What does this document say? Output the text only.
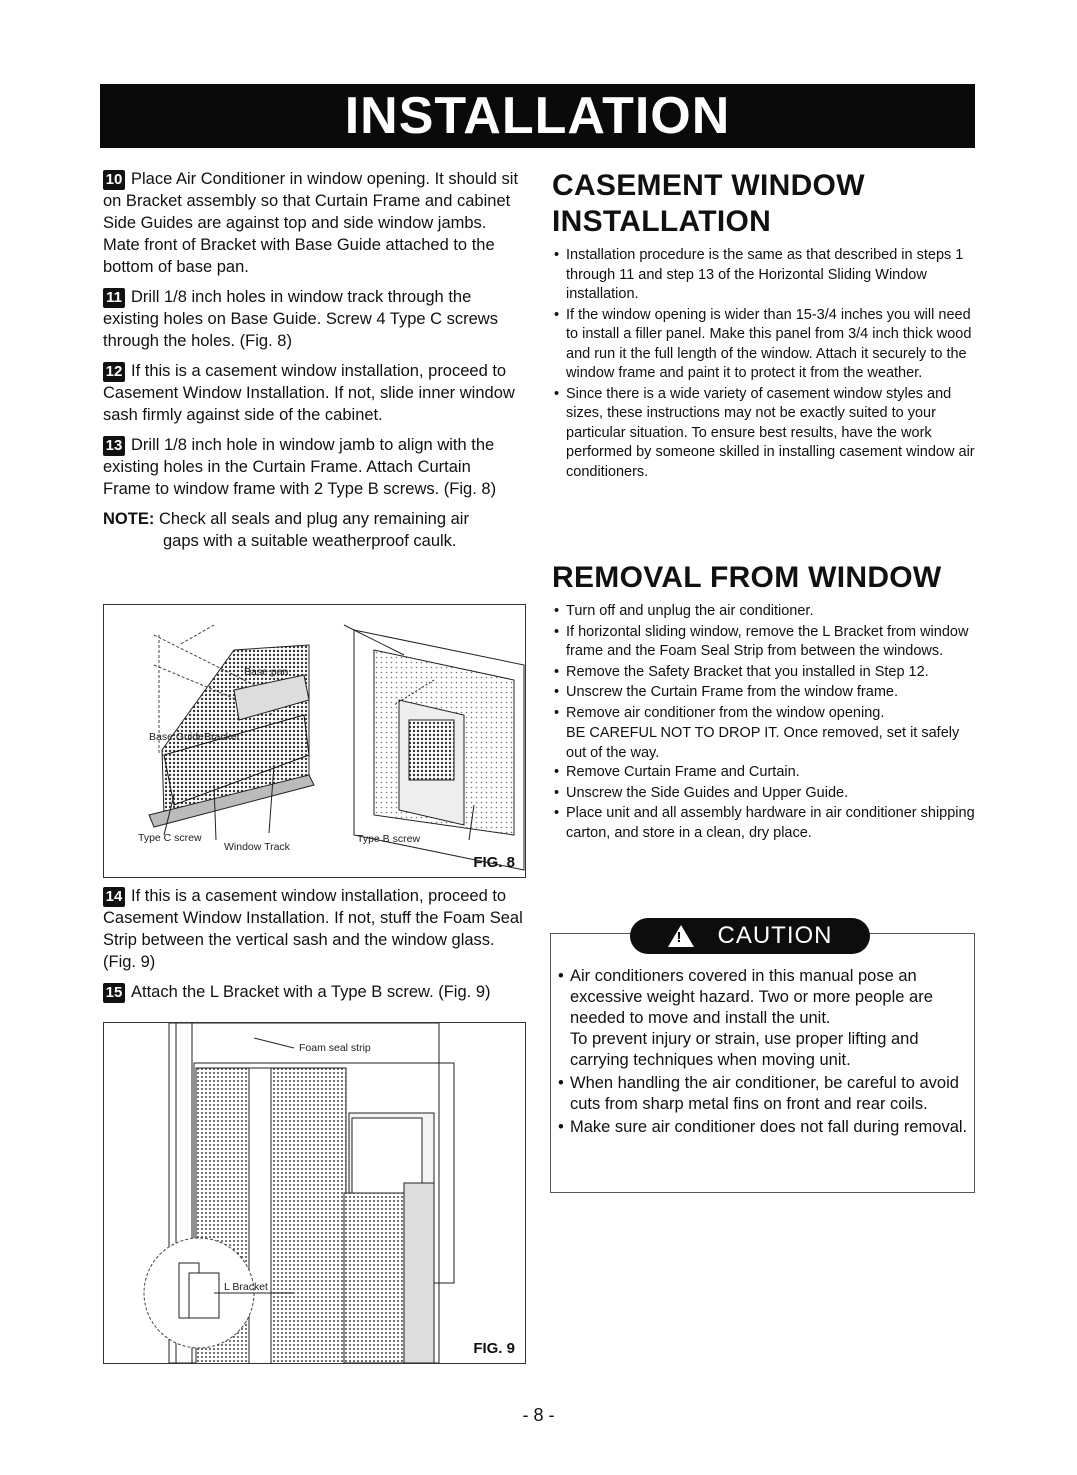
INSTALLATION

10 Place Air Conditioner in window opening. It should sit on Bracket assembly so that Curtain Frame and cabinet Side Guides are against top and side window jambs. Mate front of Bracket with Base Guide attached to the bottom of base pan.

11 Drill 1/8 inch holes in window track through the existing holes on Base Guide. Screw 4 Type C screws through the holes. (Fig. 8)

12 If this is a casement window installation, proceed to Casement Window Installation. If not, slide inner window sash firmly against side of the cabinet.

13 Drill 1/8 inch hole in window jamb to align with the existing holes in the Curtain Frame. Attach Curtain Frame to window frame with 2 Type B screws. (Fig. 8)

NOTE: Check all seals and plug any remaining air
gaps with a suitable weatherproof caulk.

Base pan
Base Guide Bracket
Type C screw
Window Track
Type B screw
FIG. 8

14 If this is a casement window installation, proceed to Casement Window Installation. If not, stuff the Foam Seal Strip between the vertical sash and the window glass. (Fig. 9)

15 Attach the L Bracket with a Type B screw. (Fig. 9)

Foam seal strip
L Bracket
FIG. 9
CASEMENT WINDOW
INSTALLATION
• Installation procedure is the same as that described in steps 1 through 11 and step 13 of the Horizontal Sliding Window installation.
• If the window opening is wider than 15-3/4 inches you will need to install a filler panel. Make this panel from 3/4 inch thick wood and run it the full length of the window. Attach it securely to the window frame and paint it to protect it from the weather.
• Since there is a wide variety of casement window styles and sizes, these instructions may not be exactly suited to your particular situation. To ensure best results, have the work performed by someone skilled in installing casement window air conditioners.
REMOVAL FROM WINDOW
• Turn off and unplug the air conditioner.
• If horizontal sliding window, remove the L Bracket from window frame and the Foam Seal Strip from between the windows.
• Remove the Safety Bracket that you installed in Step 12.
• Unscrew the Curtain Frame from the window frame.
• Remove air conditioner from the window opening.
BE CAREFUL NOT TO DROP IT. Once removed, set it safely out of the way.
• Remove Curtain Frame and Curtain.
• Unscrew the Side Guides and Upper Guide.
• Place unit and all assembly hardware in air conditioner shipping carton, and store in a clean, dry place.
! CAUTION
• Air conditioners covered in this manual pose an excessive weight hazard. Two or more people are needed to move and install the unit.
To prevent injury or strain, use proper lifting and carrying techniques when moving unit.
• When handling the air conditioner, be careful to avoid cuts from sharp metal fins on front and rear coils.
• Make sure air conditioner does not fall during removal.
- 8 -
